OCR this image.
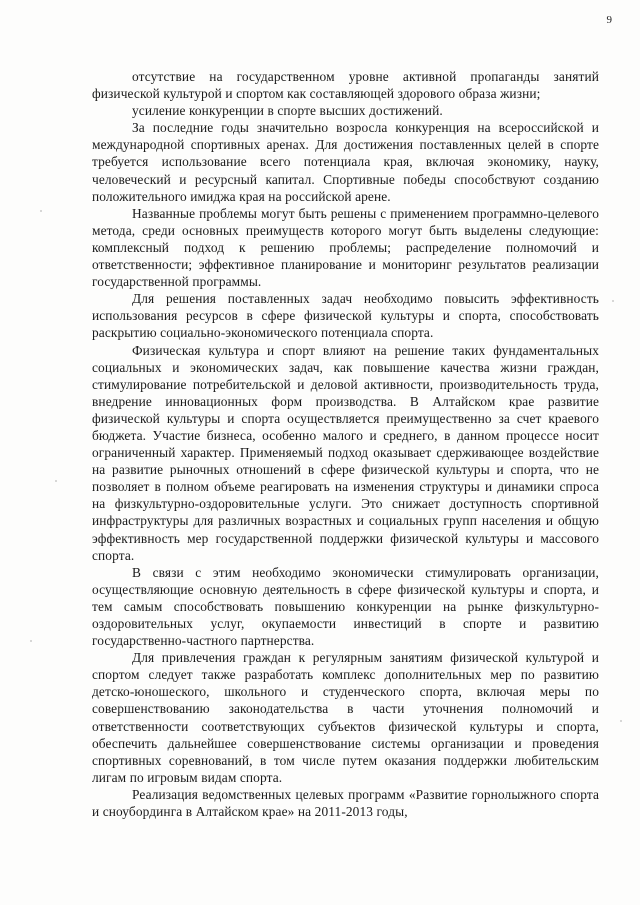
9

отсутствие на государственном уровне активной пропаганды занятий физической культурой и спортом как составляющей здорового образа жизни;

усиление конкуренции в спорте высших достижений.

За последние годы значительно возросла конкуренция на всероссийской и международной спортивных аренах. Для достижения поставленных целей в спорте требуется использование всего потенциала края, включая экономику, науку, человеческий и ресурсный капитал. Спортивные победы способствуют созданию положительного имиджа края на российской арене.

Названные проблемы могут быть решены с применением программно-целевого метода, среди основных преимуществ которого могут быть выделены следующие: комплексный подход к решению проблемы; распределение полномочий и ответственности; эффективное планирование и мониторинг результатов реализации государственной программы.

Для решения поставленных задач необходимо повысить эффективность использования ресурсов в сфере физической культуры и спорта, способствовать раскрытию социально-экономического потенциала спорта.

Физическая культура и спорт влияют на решение таких фундаментальных социальных и экономических задач, как повышение качества жизни граждан, стимулирование потребительской и деловой активности, производительность труда, внедрение инновационных форм производства. В Алтайском крае развитие физической культуры и спорта осуществляется преимущественно за счет краевого бюджета. Участие бизнеса, особенно малого и среднего, в данном процессе носит ограниченный характер. Применяемый подход оказывает сдерживающее воздействие на развитие рыночных отношений в сфере физической культуры и спорта, что не позволяет в полном объеме реагировать на изменения структуры и динамики спроса на физкультурно-оздоровительные услуги. Это снижает доступность спортивной инфраструктуры для различных возрастных и социальных групп населения и общую эффективность мер государственной поддержки физической культуры и массового спорта.

В связи с этим необходимо экономически стимулировать организации, осуществляющие основную деятельность в сфере физической культуры и спорта, и тем самым способствовать повышению конкуренции на рынке физкультурно-оздоровительных услуг, окупаемости инвестиций в спорте и развитию государственно-частного партнерства.

Для привлечения граждан к регулярным занятиям физической культурой и спортом следует также разработать комплекс дополнительных мер по развитию детско-юношеского, школьного и студенческого спорта, включая меры по совершенствованию законодательства в части уточнения полномочий и ответственности соответствующих субъектов физической культуры и спорта, обеспечить дальнейшее совершенствование системы организации и проведения спортивных соревнований, в том числе путем оказания поддержки любительским лигам по игровым видам спорта.

Реализация ведомственных целевых программ «Развитие горнолыжного спорта и сноубординга в Алтайском крае» на 2011-2013 годы,
